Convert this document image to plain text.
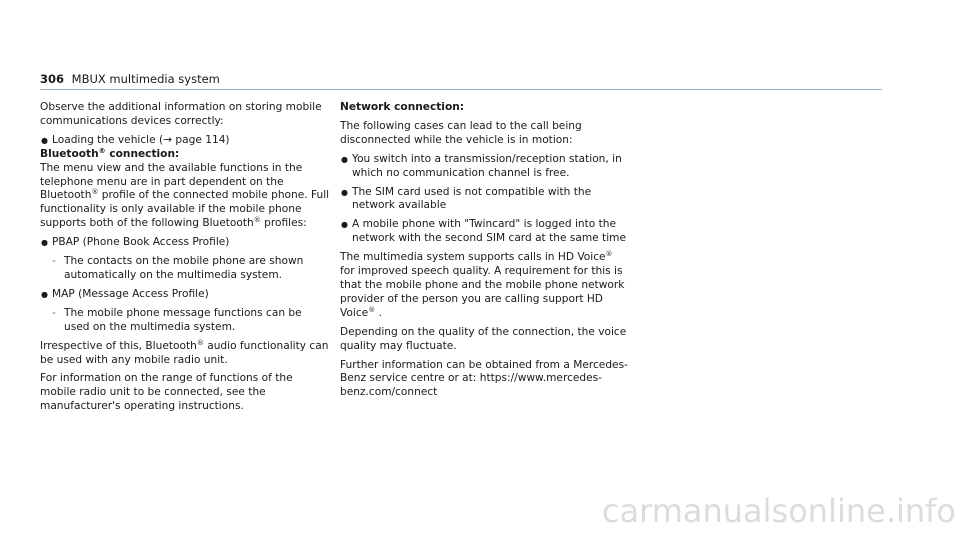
306 MBUX multimedia system

Observe the additional information on storing mobile communications devices correctly:

● Loading the vehicle (→ page 114)

Bluetooth® connection:

The menu view and the available functions in the telephone menu are in part dependent on the Bluetooth® profile of the connected mobile phone. Full functionality is only available if the mobile phone supports both of the following Bluetooth® profiles:

● PBAP (Phone Book Access Profile)

- The contacts on the mobile phone are shown automatically on the multimedia system.

● MAP (Message Access Profile)

- The mobile phone message functions can be used on the multimedia system.

Irrespective of this, Bluetooth® audio functionality can be used with any mobile radio unit.

For information on the range of functions of the mobile radio unit to be connected, see the manufacturer's operating instructions.

Network connection:

The following cases can lead to the call being disconnected while the vehicle is in motion:

● You switch into a transmission/reception station, in which no communication channel is free.

● The SIM card used is not compatible with the network available

● A mobile phone with "Twincard" is logged into the network with the second SIM card at the same time

The multimedia system supports calls in HD Voice® for improved speech quality. A requirement for this is that the mobile phone and the mobile phone network provider of the person you are calling support HD Voice® .

Depending on the quality of the connection, the voice quality may fluctuate.

Further information can be obtained from a Mercedes-Benz service centre or at: https://www.mercedes-benz.com/connect

carmanualsonline.info
